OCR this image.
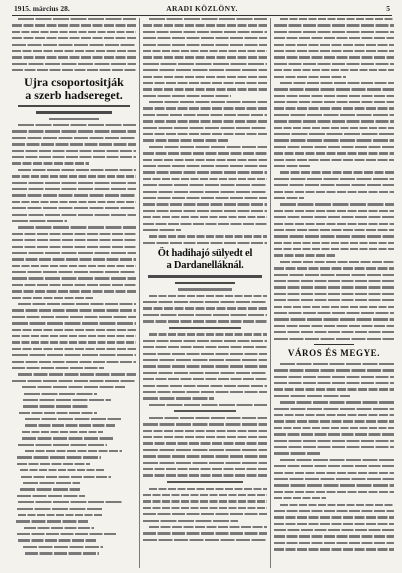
1915. március 28.	ARADI KÖZLÖNY.	5
Ujra csoportositják
a szerb hadsereget.
Öt hadihajó sülyedt el
a Dardanelláknál.
VÁROS ÉS MEGYE.
